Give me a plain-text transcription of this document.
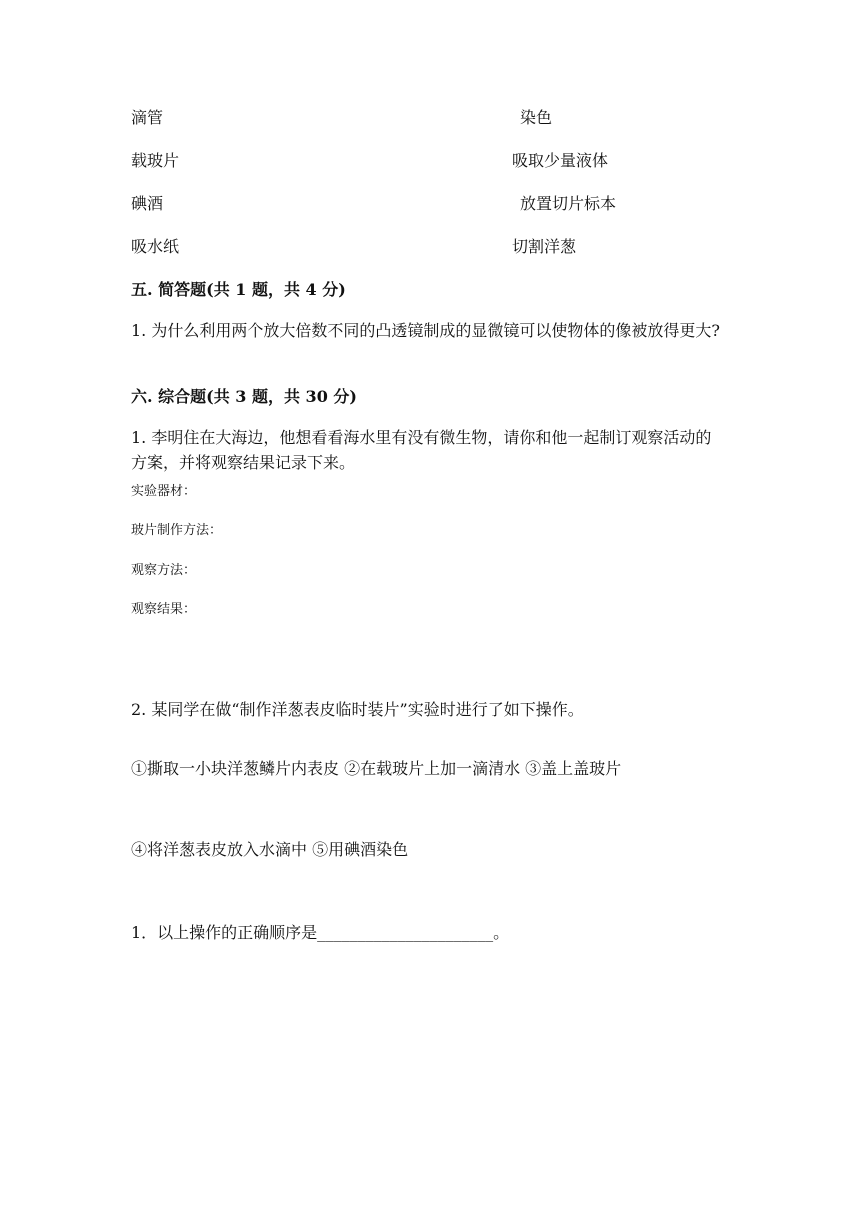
滴管	染色
载玻片	吸取少量液体
碘酒	放置切片标本
吸水纸	切割洋葱
五. 简答题(共 1 题，共 4 分)
1. 为什么利用两个放大倍数不同的凸透镜制成的显微镜可以使物体的像被放得更大?
六. 综合题(共 3 题，共 30 分)
1. 李明住在大海边，他想看看海水里有没有微生物，请你和他一起制订观察活动的方案，并将观察结果记录下来。
实验器材：
玻片制作方法：
观察方法：
观察结果：
2. 某同学在做“制作洋葱表皮临时装片”实验时进行了如下操作。
①撕取一小块洋葱鳞片内表皮 ②在载玻片上加一滴清水 ③盖上盖玻片
④将洋葱表皮放入水滴中 ⑤用碘酒染色
1．以上操作的正确顺序是______________________。
